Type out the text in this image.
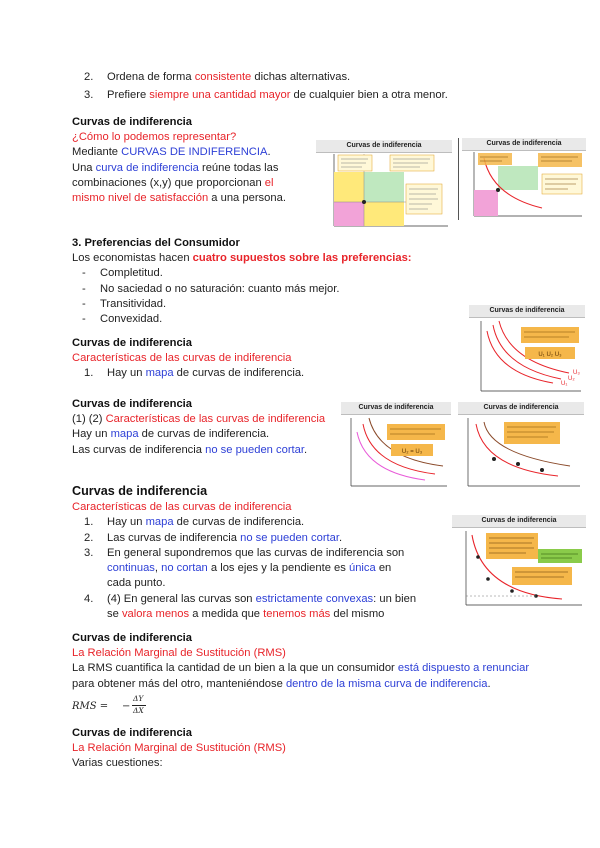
2. Ordena de forma consistente dichas alternativas.
3. Prefiere siempre una cantidad mayor de cualquier bien a otra menor.
Curvas de indiferencia
¿Cómo lo podemos representar?
Mediante CURVAS DE INDIFERENCIA.
Una curva de indiferencia reúne todas las combinaciones (x,y) que proporcionan el mismo nivel de satisfacción a una persona.
Curvas de indiferencia	Curvas de indiferencia
3. Preferencias del Consumidor
Los economistas hacen cuatro supuestos sobre las preferencias:
- Completitud.
- No saciedad o no saturación: cuanto más mejor.
- Transitividad.
- Convexidad.
Curvas de indiferencia
Características de las curvas de indiferencia
1. Hay un mapa de curvas de indiferencia.
Curvas de indiferencia
U₁ U₂ U₃
U₁
U₂
U₃
Curvas de indiferencia
(1) (2) Características de las curvas de indiferencia
Hay un mapa de curvas de indiferencia.
Las curvas de indiferencia no se pueden cortar.
Curvas de indiferencia
U₂ = U₃
Curvas de indiferencia
Curvas de indiferencia
Características de las curvas de indiferencia
1. Hay un mapa de curvas de indiferencia.
2. Las curvas de indiferencia no se pueden cortar.
3. En general supondremos que las curvas de indiferencia son continuas, no cortan a los ejes y la pendiente es única en cada punto.
4. (4) En general las curvas son estrictamente convexas: un bien se valora menos a medida que tenemos más del mismo
Curvas de indiferencia
Curvas de indiferencia
La Relación Marginal de Sustitución (RMS)
La RMS cuantifica la cantidad de un bien a la que un consumidor está dispuesto a renunciar para obtener más del otro, manteniéndose dentro de la misma curva de indiferencia.
RMS = −
ΔY
ΔX
Curvas de indiferencia
La Relación Marginal de Sustitución (RMS)
Varias cuestiones:
